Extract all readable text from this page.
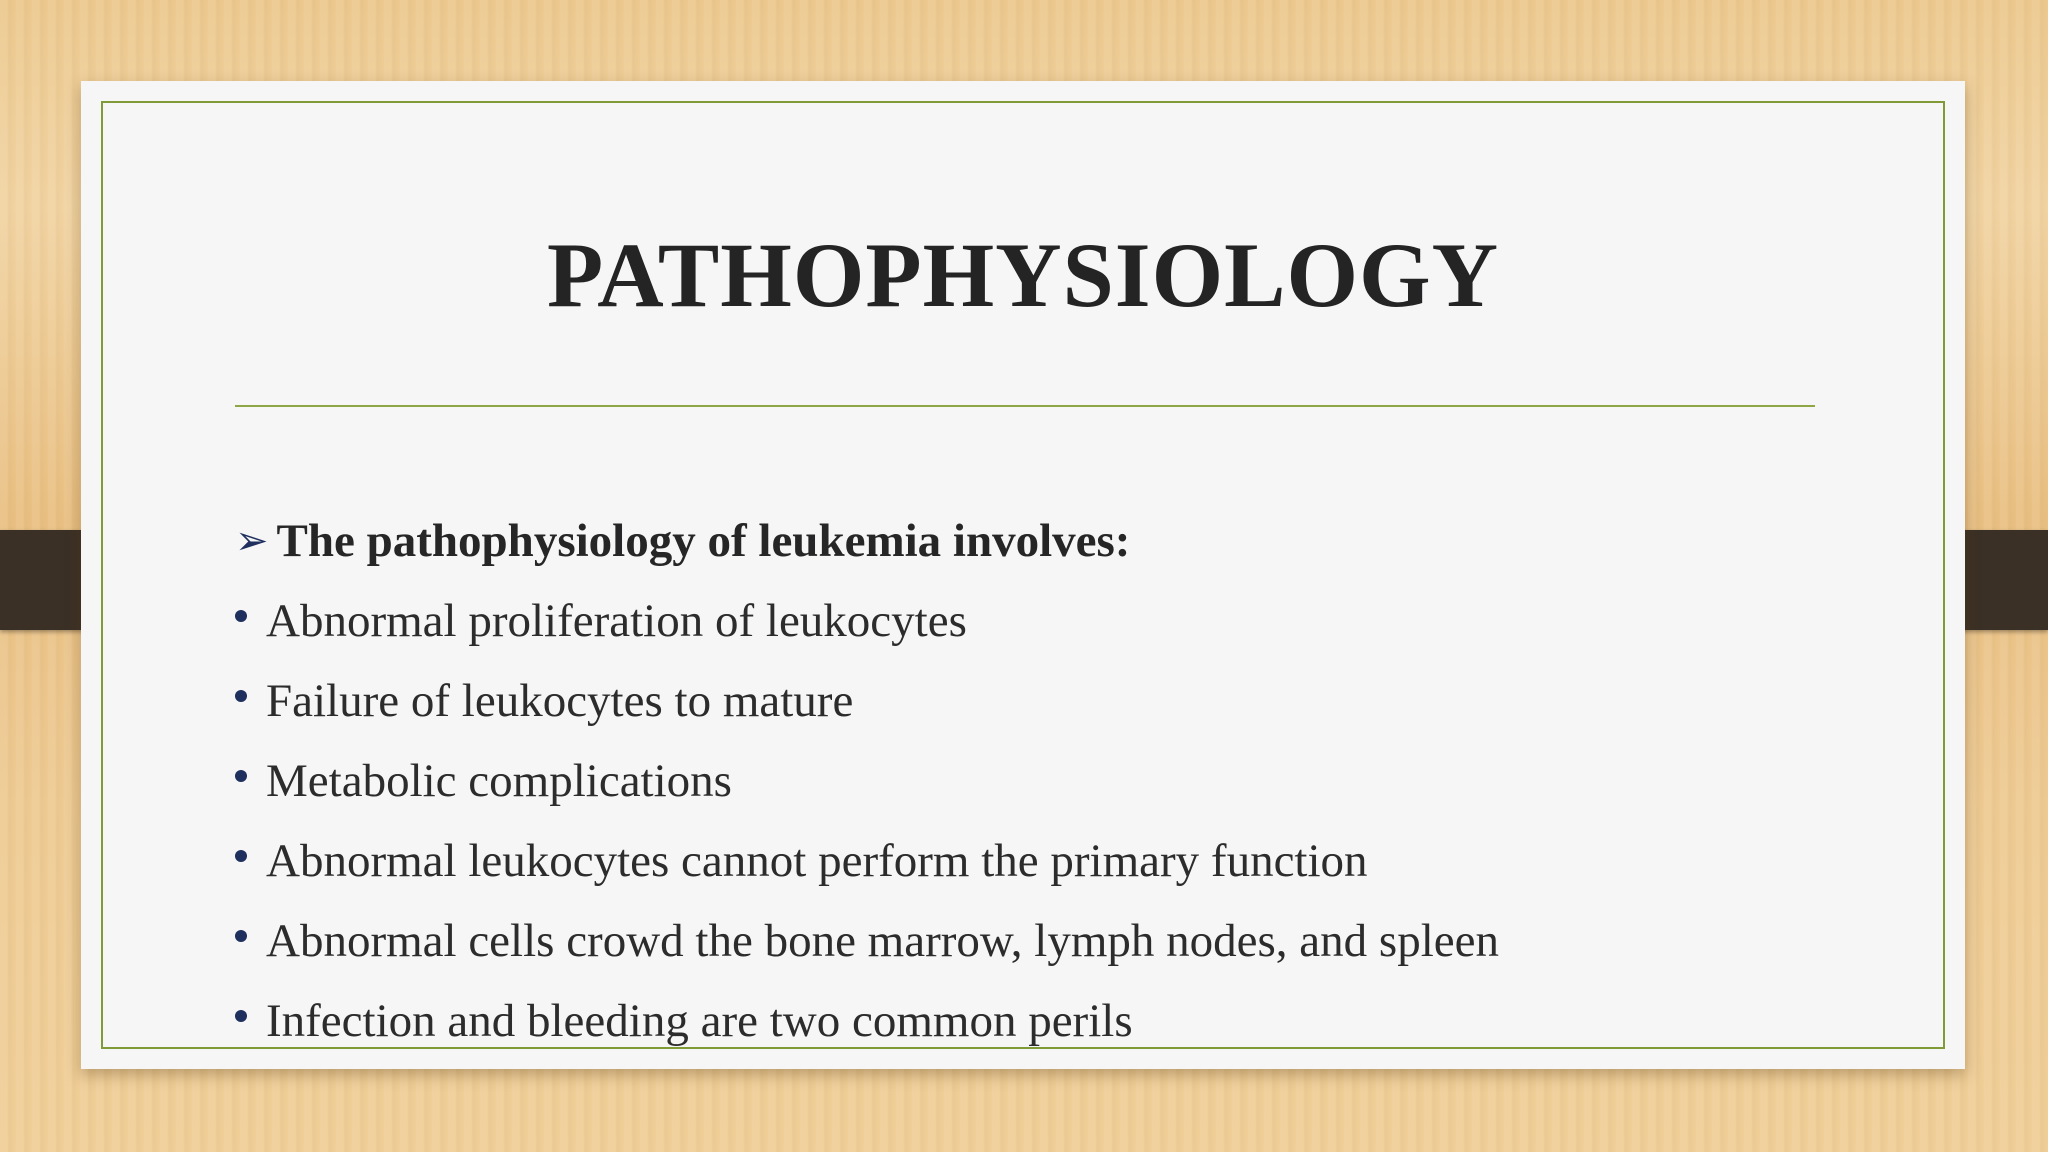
PATHOPHYSIOLOGY
➢ The pathophysiology of leukemia involves:
Abnormal proliferation of leukocytes
Failure of leukocytes to mature
Metabolic complications
Abnormal leukocytes cannot perform the primary function
Abnormal cells crowd the bone marrow, lymph nodes, and spleen
Infection and bleeding are two common perils
